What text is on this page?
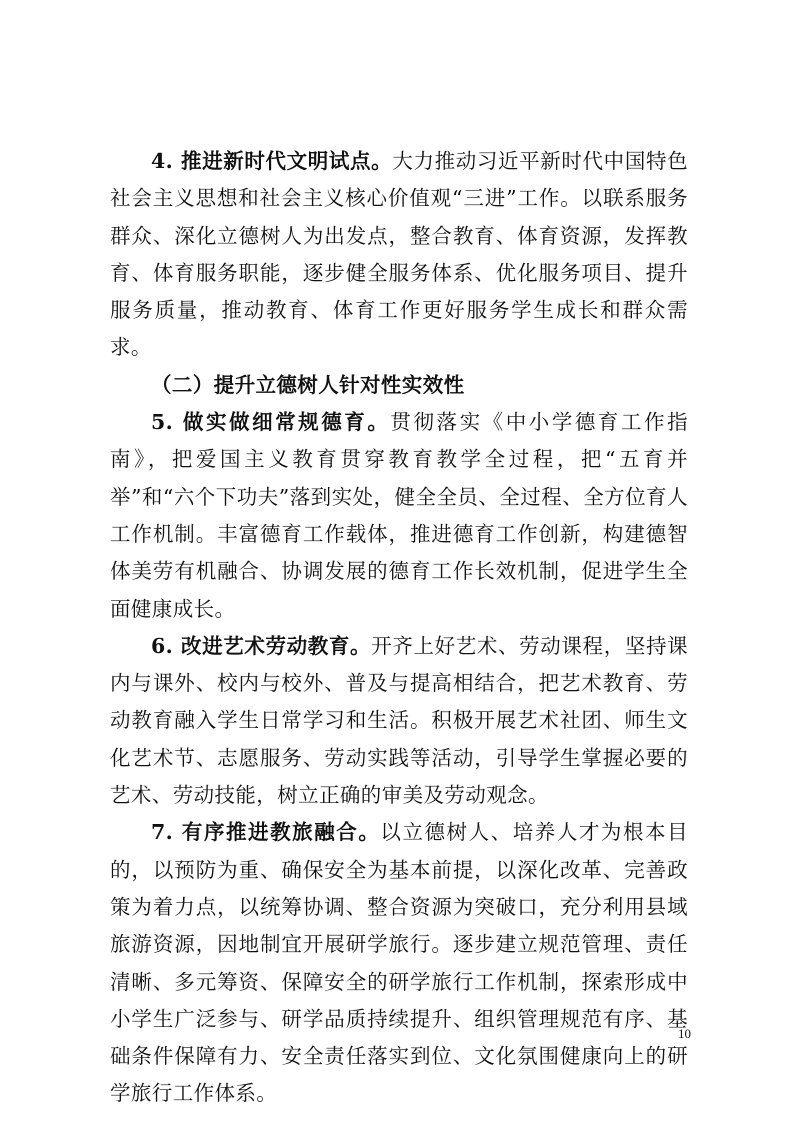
4. 推进新时代文明试点。大力推动习近平新时代中国特色社会主义思想和社会主义核心价值观“三进”工作。以联系服务群众、深化立德树人为出发点，整合教育、体育资源，发挥教育、体育服务职能，逐步健全服务体系、优化服务项目、提升服务质量，推动教育、体育工作更好服务学生成长和群众需求。

（二）提升立德树人针对性实效性

5. 做实做细常规德育。贯彻落实《中小学德育工作指南》，把爱国主义教育贯穿教育教学全过程，把“五育并举”和“六个下功夫”落到实处，健全全员、全过程、全方位育人工作机制。丰富德育工作载体，推进德育工作创新，构建德智体美劳有机融合、协调发展的德育工作长效机制，促进学生全面健康成长。

6. 改进艺术劳动教育。开齐上好艺术、劳动课程，坚持课内与课外、校内与校外、普及与提高相结合，把艺术教育、劳动教育融入学生日常学习和生活。积极开展艺术社团、师生文化艺术节、志愿服务、劳动实践等活动，引导学生掌握必要的艺术、劳动技能，树立正确的审美及劳动观念。

7. 有序推进教旅融合。以立德树人、培养人才为根本目的，以预防为重、确保安全为基本前提，以深化改革、完善政策为着力点，以统筹协调、整合资源为突破口，充分利用县域旅游资源，因地制宜开展研学旅行。逐步建立规范管理、责任清晰、多元筹资、保障安全的研学旅行工作机制，探索形成中小学生广泛参与、研学品质持续提升、组织管理规范有序、基础条件保障有力、安全责任落实到位、文化氛围健康向上的研学旅行工作体系。

10
